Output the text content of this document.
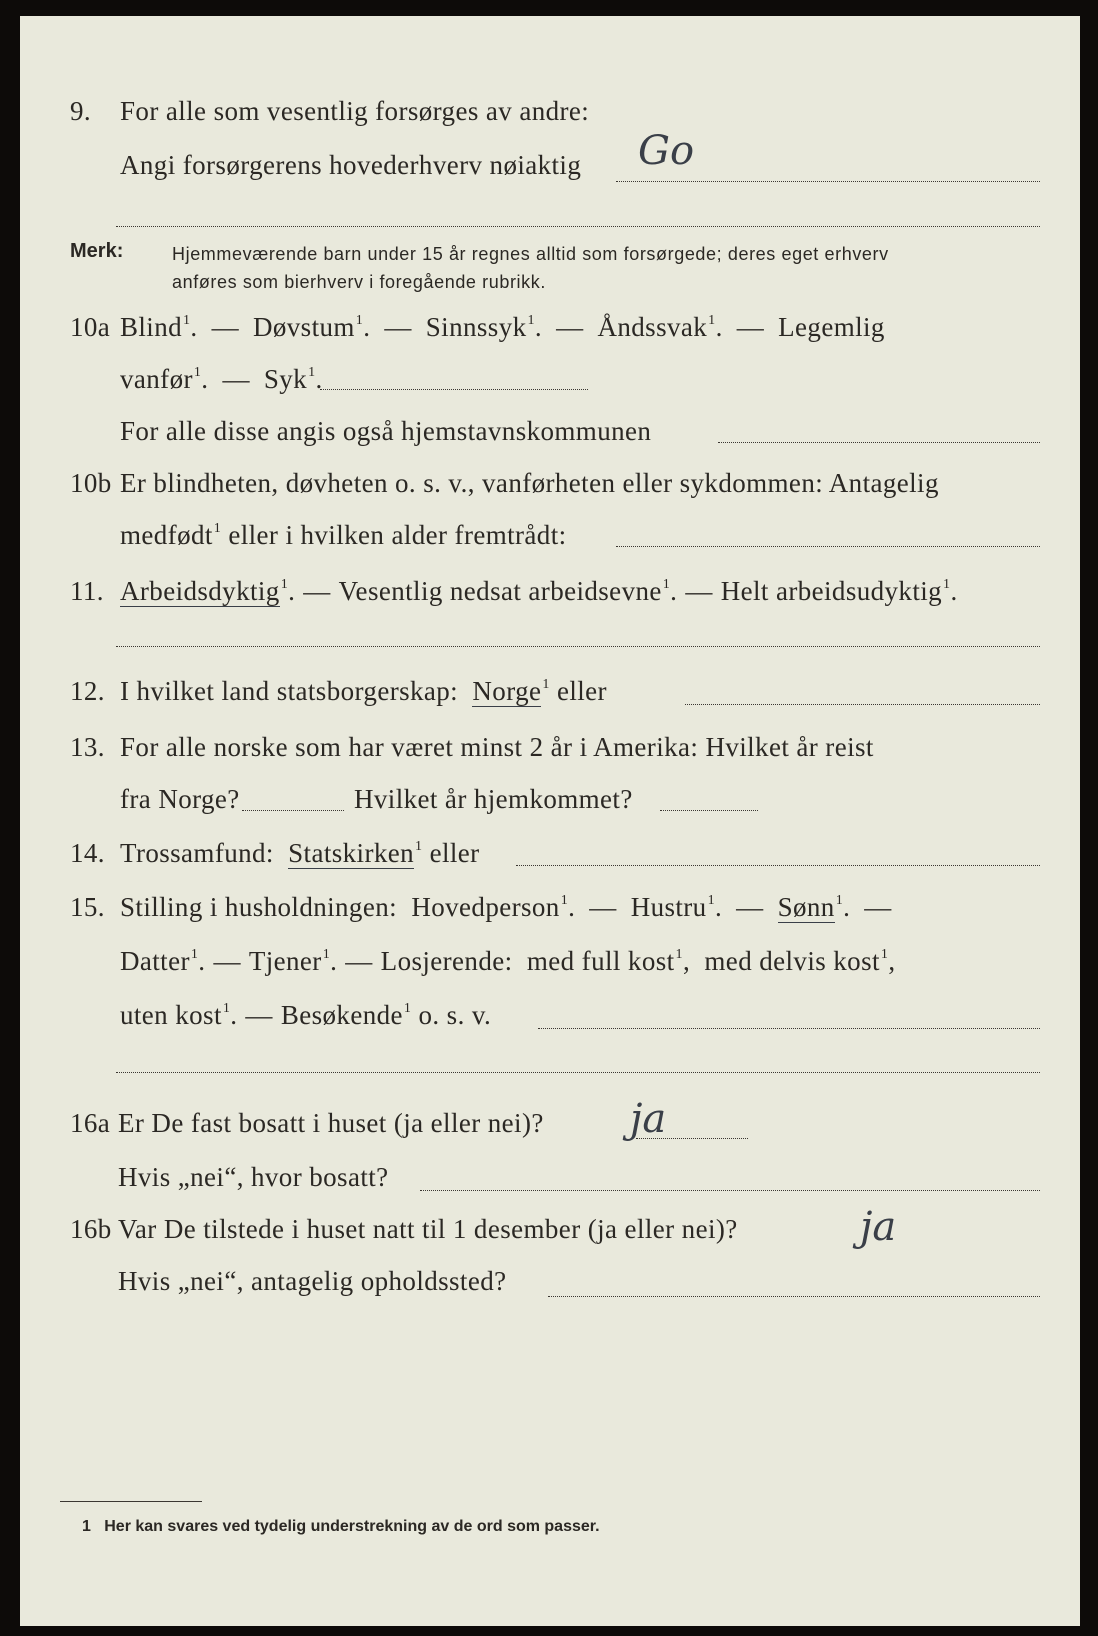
9. For alle som vesentlig forsørges av andre:
Angi forsørgerens hovederhverv nøiaktig Go
Merk:	Hjemmeværende barn under 15 år regnes alltid som forsørgede; deres eget erhverv
anføres som bierhverv i foregående rubrikk.
10a Blind$^1$. — Døvstum$^1$. — Sinnssyk$^1$. — Åndssvak$^1$. — Legemlig
vanfør$^1$. — Syk$^1$.
For alle disse angis også hjemstavnskommunen
10b Er blindheten, døvheten o. s. v., vanførheten eller sykdommen: Antagelig
medfødt$^1$ eller i hvilken alder fremtrådt:
11. Arbeidsdyktig$^1$. — Vesentlig nedsat arbeidsevne$^1$. — Helt arbeidsudyktig$^1$.
12. I hvilket land statsborgerskap: Norge$^1$ eller
13. For alle norske som har været minst 2 år i Amerika: Hvilket år reist
fra Norge?	Hvilket år hjemkommet?
14. Trossamfund: Statskirken$^1$ eller
15. Stilling i husholdningen: Hovedperson$^1$. — Hustru$^1$. — Sønn$^1$. —
Datter$^1$. — Tjener$^1$. — Losjerende: med full kost$^1$,  med delvis kost$^1$,
uten kost$^1$. — Besøkende$^1$ o. s. v.
16a Er De fast bosatt i huset (ja eller nei)? ja
Hvis „nei“, hvor bosatt?
16b Var De tilstede i huset natt til 1 desember (ja eller nei)?	ja
Hvis „nei“, antagelig opholdssted?
1 Her kan svares ved tydelig understrekning av de ord som passer.
